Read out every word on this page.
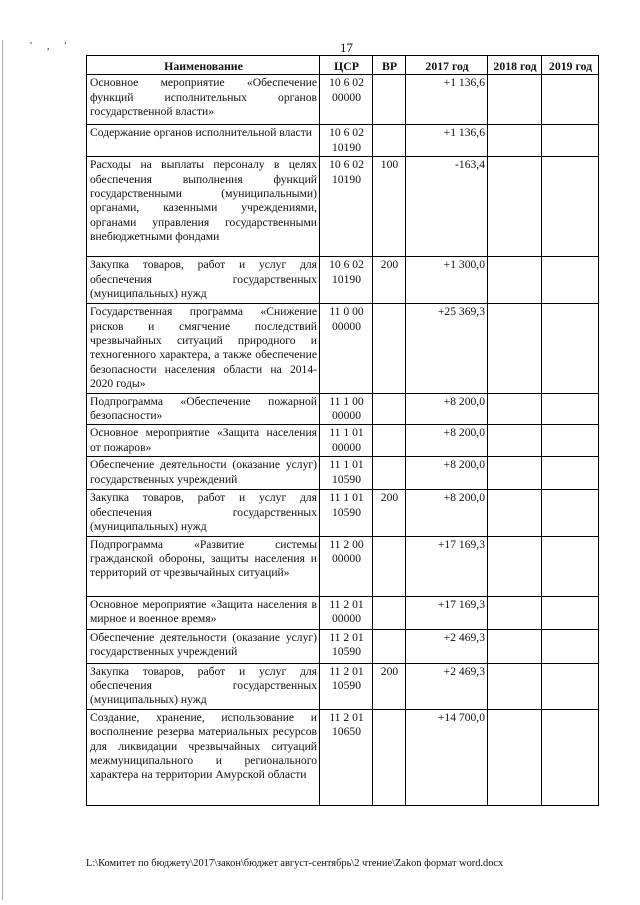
' , '	17
Наименование	ЦСР	ВР	2017 год	2018 год	2019 год
Основное мероприятие «Обеспечение функций исполнительных органов государственной власти»	10 6 02 00000		+1 136,6		
Содержание органов исполнительной власти	10 6 02 10190		+1 136,6		
Расходы на выплаты персоналу в целях обеспечения выполнения функций государственными (муниципальными) органами, казенными учреждениями, органами управления государственными внебюджетными фондами	10 6 02 10190	100	-163,4		
Закупка товаров, работ и услуг для обеспечения государственных (муниципальных) нужд	10 6 02 10190	200	+1 300,0		
Государственная программа «Снижение рисков и смягчение последствий чрезвычайных ситуаций природного и техногенного характера, а также обеспечение безопасности населения области на 2014-2020 годы»	11 0 00 00000		+25 369,3		
Подпрограмма «Обеспечение пожарной безопасности»	11 1 00 00000		+8 200,0		
Основное мероприятие «Защита населения от пожаров»	11 1 01 00000		+8 200,0		
Обеспечение деятельности (оказание услуг) государственных учреждений	11 1 01 10590		+8 200,0		
Закупка товаров, работ и услуг для обеспечения государственных (муниципальных) нужд	11 1 01 10590	200	+8 200,0		
Подпрограмма «Развитие системы гражданской обороны, защиты населения и территорий от чрезвычайных ситуаций»	11 2 00 00000		+17 169,3		
Основное мероприятие «Защита населения в мирное и военное время»	11 2 01 00000		+17 169,3		
Обеспечение деятельности (оказание услуг) государственных учреждений	11 2 01 10590		+2 469,3		
Закупка товаров, работ и услуг для обеспечения государственных (муниципальных) нужд	11 2 01 10590	200	+2 469,3		
Создание, хранение, использование и восполнение резерва материальных ресурсов для ликвидации чрезвычайных ситуаций межмуниципального и регионального характера на территории Амурской области	11 2 01 10650		+14 700,0		
L:\Комитет по бюджету\2017\закон\бюджет август-сентябрь\2 чтение\Zakon формат word.docx
